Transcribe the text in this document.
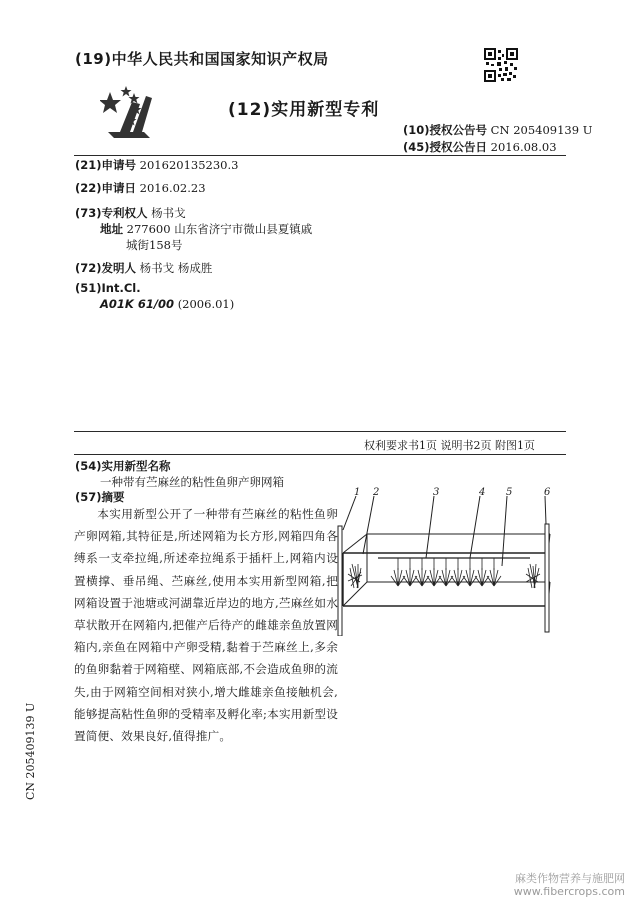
(19)中华人民共和国国家知识产权局
(12)实用新型专利
(10)授权公告号 CN 205409139 U
(45)授权公告日 2016.08.03
(21)申请号 201620135230.3
(22)申请日 2016.02.23
(73)专利权人 杨书戈
地址 277600 山东省济宁市微山县夏镇戚
城街158号
(72)发明人 杨书戈 杨成胜
(51)Int.Cl.
A01K 61/00 (2006.01)
权利要求书1页 说明书2页 附图1页
(54)实用新型名称
一种带有苎麻丝的粘性鱼卵产卵网箱
(57)摘要

本实用新型公开了一种带有苎麻丝的粘性鱼卵产卵网箱,其特征是,所述网箱为长方形,网箱四角各缚系一支牵拉绳,所述牵拉绳系于插杆上,网箱内设置横撑、垂吊绳、苎麻丝,使用本实用新型网箱,把网箱设置于池塘或河湖靠近岸边的地方,苎麻丝如水草状散开在网箱内,把催产后待产的雌雄亲鱼放置网箱内,亲鱼在网箱中产卵受精,黏着于苎麻丝上,多余的鱼卵黏着于网箱壁、网箱底部,不会造成鱼卵的流失,由于网箱空间相对狭小,增大雌雄亲鱼接触机会,能够提高粘性鱼卵的受精率及孵化率;本实用新型设置简便、效果良好,值得推广。

1 2	3	4 5	6
CN 205409139 U
麻类作物营养与施肥网
www.fibercrops.com
